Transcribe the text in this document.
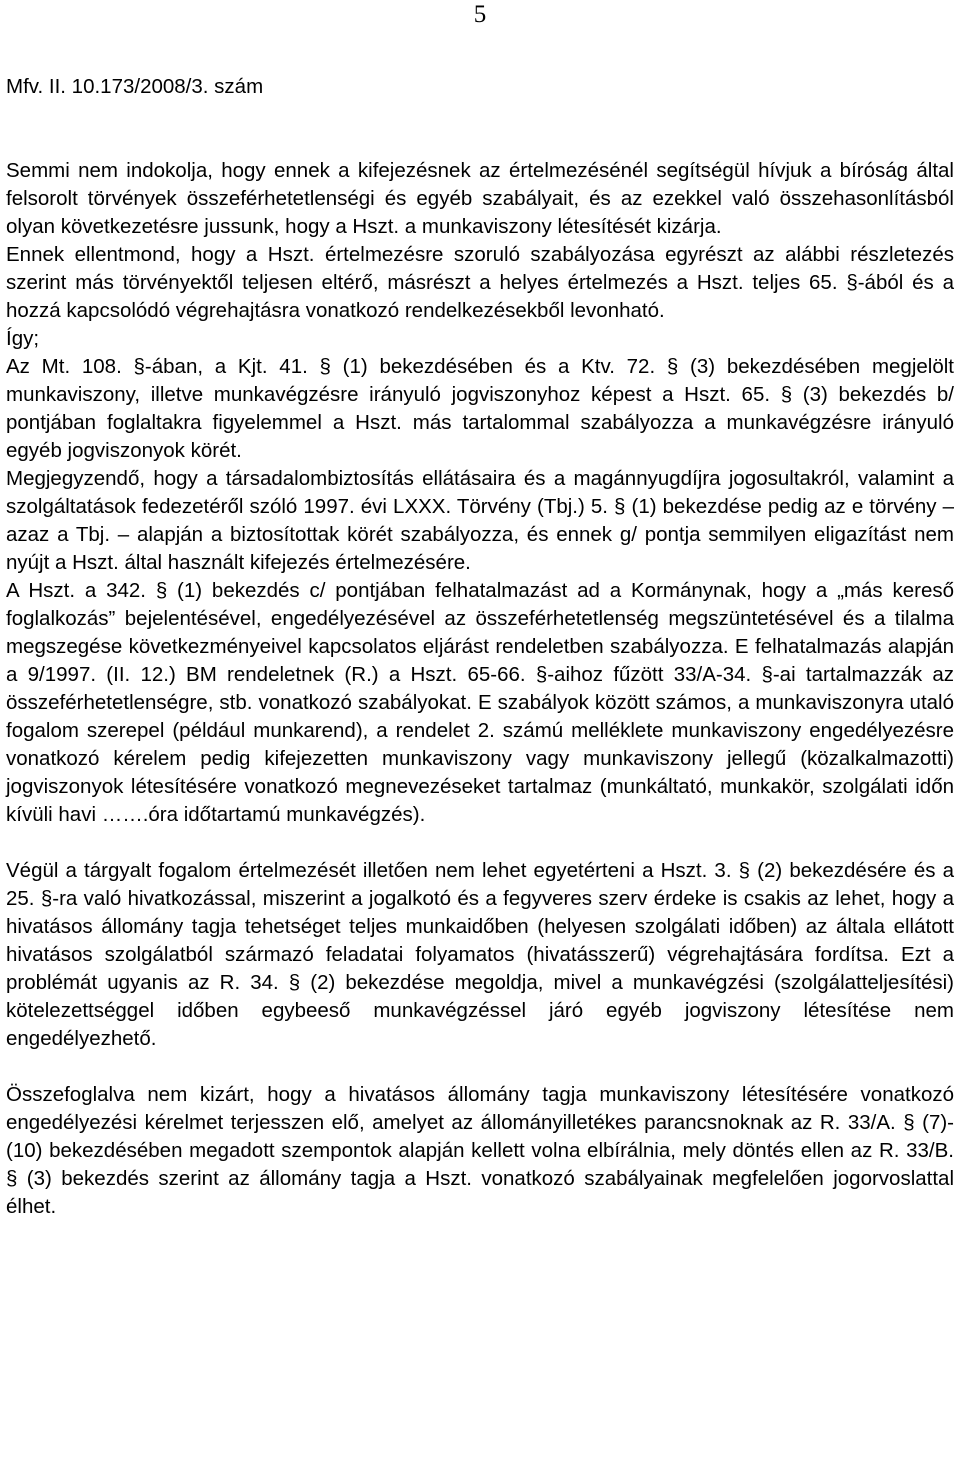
5
Mfv. II. 10.173/2008/3. szám

Semmi nem indokolja, hogy ennek a kifejezésnek az értelmezésénél segítségül hívjuk a bíróság által felsorolt törvények összeférhetetlenségi és egyéb szabályait, és az ezekkel való összehasonlításból olyan következetésre jussunk, hogy a Hszt. a munkaviszony létesítését kizárja.

Ennek ellentmond, hogy a Hszt. értelmezésre szoruló szabályozása egyrészt az alábbi részletezés szerint más törvényektől teljesen eltérő, másrészt a helyes értelmezés a Hszt. teljes 65. §-ából és a hozzá kapcsolódó végrehajtásra vonatkozó rendelkezésekből levonható.

Így;

Az Mt. 108. §-ában, a Kjt. 41. § (1) bekezdésében és a Ktv. 72. § (3) bekezdésében megjelölt munkaviszony, illetve munkavégzésre irányuló jogviszonyhoz képest a Hszt. 65. § (3) bekezdés b/ pontjában foglaltakra figyelemmel a Hszt. más tartalommal szabályozza a munkavégzésre irányuló egyéb jogviszonyok körét.

Megjegyzendő, hogy a társadalombiztosítás ellátásaira és a magánnyugdíjra jogosultakról, valamint a szolgáltatások fedezetéről szóló 1997. évi LXXX. Törvény (Tbj.) 5. § (1) bekezdése pedig az e törvény – azaz a Tbj. – alapján a biztosítottak körét szabályozza, és ennek g/ pontja semmilyen eligazítást nem nyújt a Hszt. által használt kifejezés értelmezésére.

A Hszt. a 342. § (1) bekezdés c/ pontjában felhatalmazást ad a Kormánynak, hogy a „más kereső foglalkozás” bejelentésével, engedélyezésével az összeférhetetlenség megszüntetésével és a tilalma megszegése következményeivel kapcsolatos eljárást rendeletben szabályozza. E felhatalmazás alapján a 9/1997. (II. 12.) BM rendeletnek (R.) a Hszt. 65-66. §-aihoz fűzött 33/A-34. §-ai tartalmazzák az összeférhetetlenségre, stb. vonatkozó szabályokat. E szabályok között számos, a munkaviszonyra utaló fogalom szerepel (például munkarend), a rendelet 2. számú melléklete munkaviszony engedélyezésre vonatkozó kérelem pedig kifejezetten munkaviszony vagy munkaviszony jellegű (közalkalmazotti) jogviszonyok létesítésére vonatkozó megnevezéseket tartalmaz (munkáltató, munkakör, szolgálati időn kívüli havi …….óra időtartamú munkavégzés).

Végül a tárgyalt fogalom értelmezését illetően nem lehet egyetérteni a Hszt. 3. § (2) bekezdésére és a 25. §-ra való hivatkozással, miszerint a jogalkotó és a fegyveres szerv érdeke is csakis az lehet, hogy a hivatásos állomány tagja tehetséget teljes munkaidőben (helyesen szolgálati időben) az általa ellátott hivatásos szolgálatból származó feladatai folyamatos (hivatásszerű) végrehajtására fordítsa. Ezt a problémát ugyanis az R. 34. § (2) bekezdése megoldja, mivel a munkavégzési (szolgálatteljesítési) kötelezettséggel időben egybeeső munkavégzéssel járó egyéb jogviszony létesítése nem engedélyezhető.

Összefoglalva nem kizárt, hogy a hivatásos állomány tagja munkaviszony létesítésére vonatkozó engedélyezési kérelmet terjesszen elő, amelyet az állományilletékes parancsnoknak az R. 33/A. § (7)-(10) bekezdésében megadott szempontok alapján kellett volna elbírálnia, mely döntés ellen az R. 33/B. § (3) bekezdés szerint az állomány tagja a Hszt. vonatkozó szabályainak megfelelően jogorvoslattal élhet.
